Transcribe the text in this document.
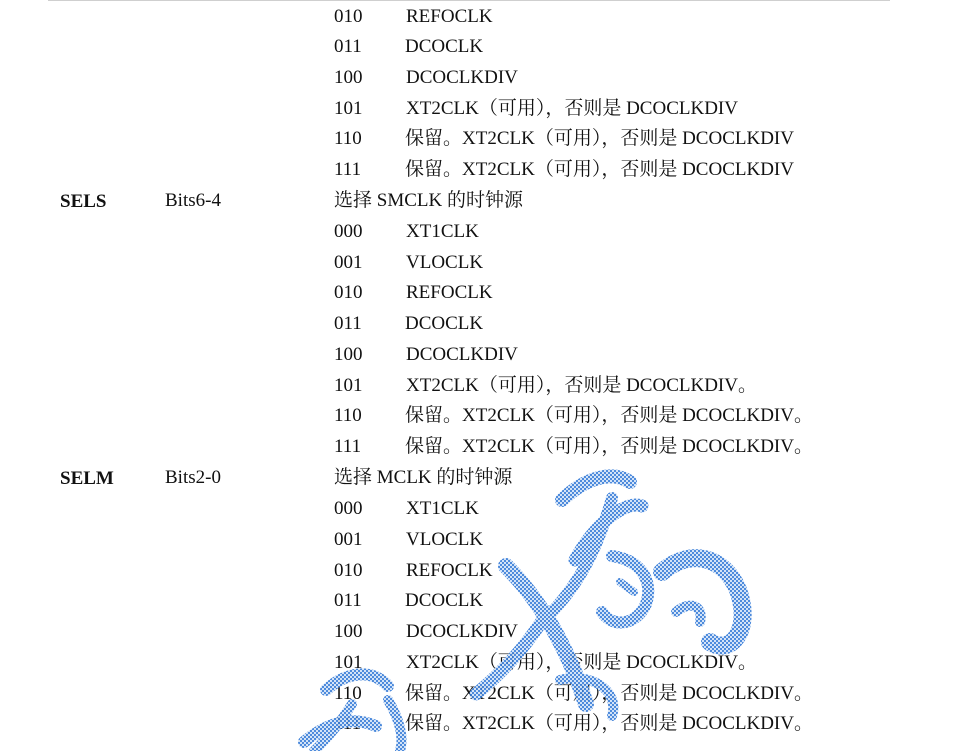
010 REFOCLK
011 DCOCLK
100 DCOCLKDIV
101 XT2CLK（可用），否则是 DCOCLKDIV
110 保留。XT2CLK（可用），否则是 DCOCLKDIV
111 保留。XT2CLK（可用），否则是 DCOCLKDIV
SELS	Bits6-4	选择 SMCLK 的时钟源
000 XT1CLK
001 VLOCLK
010 REFOCLK
011 DCOCLK
100 DCOCLKDIV
101 XT2CLK（可用），否则是 DCOCLKDIV。
110 保留。XT2CLK（可用），否则是 DCOCLKDIV。
111 保留。XT2CLK（可用），否则是 DCOCLKDIV。
SELM	Bits2-0	选择 MCLK 的时钟源
000 XT1CLK
001 VLOCLK
010 REFOCLK
011 DCOCLK
100 DCOCLKDIV
101 XT2CLK（可用），否则是 DCOCLKDIV。
110 保留。XT2CLK（可用），否则是 DCOCLKDIV。
111 保留。XT2CLK（可用），否则是 DCOCLKDIV。
